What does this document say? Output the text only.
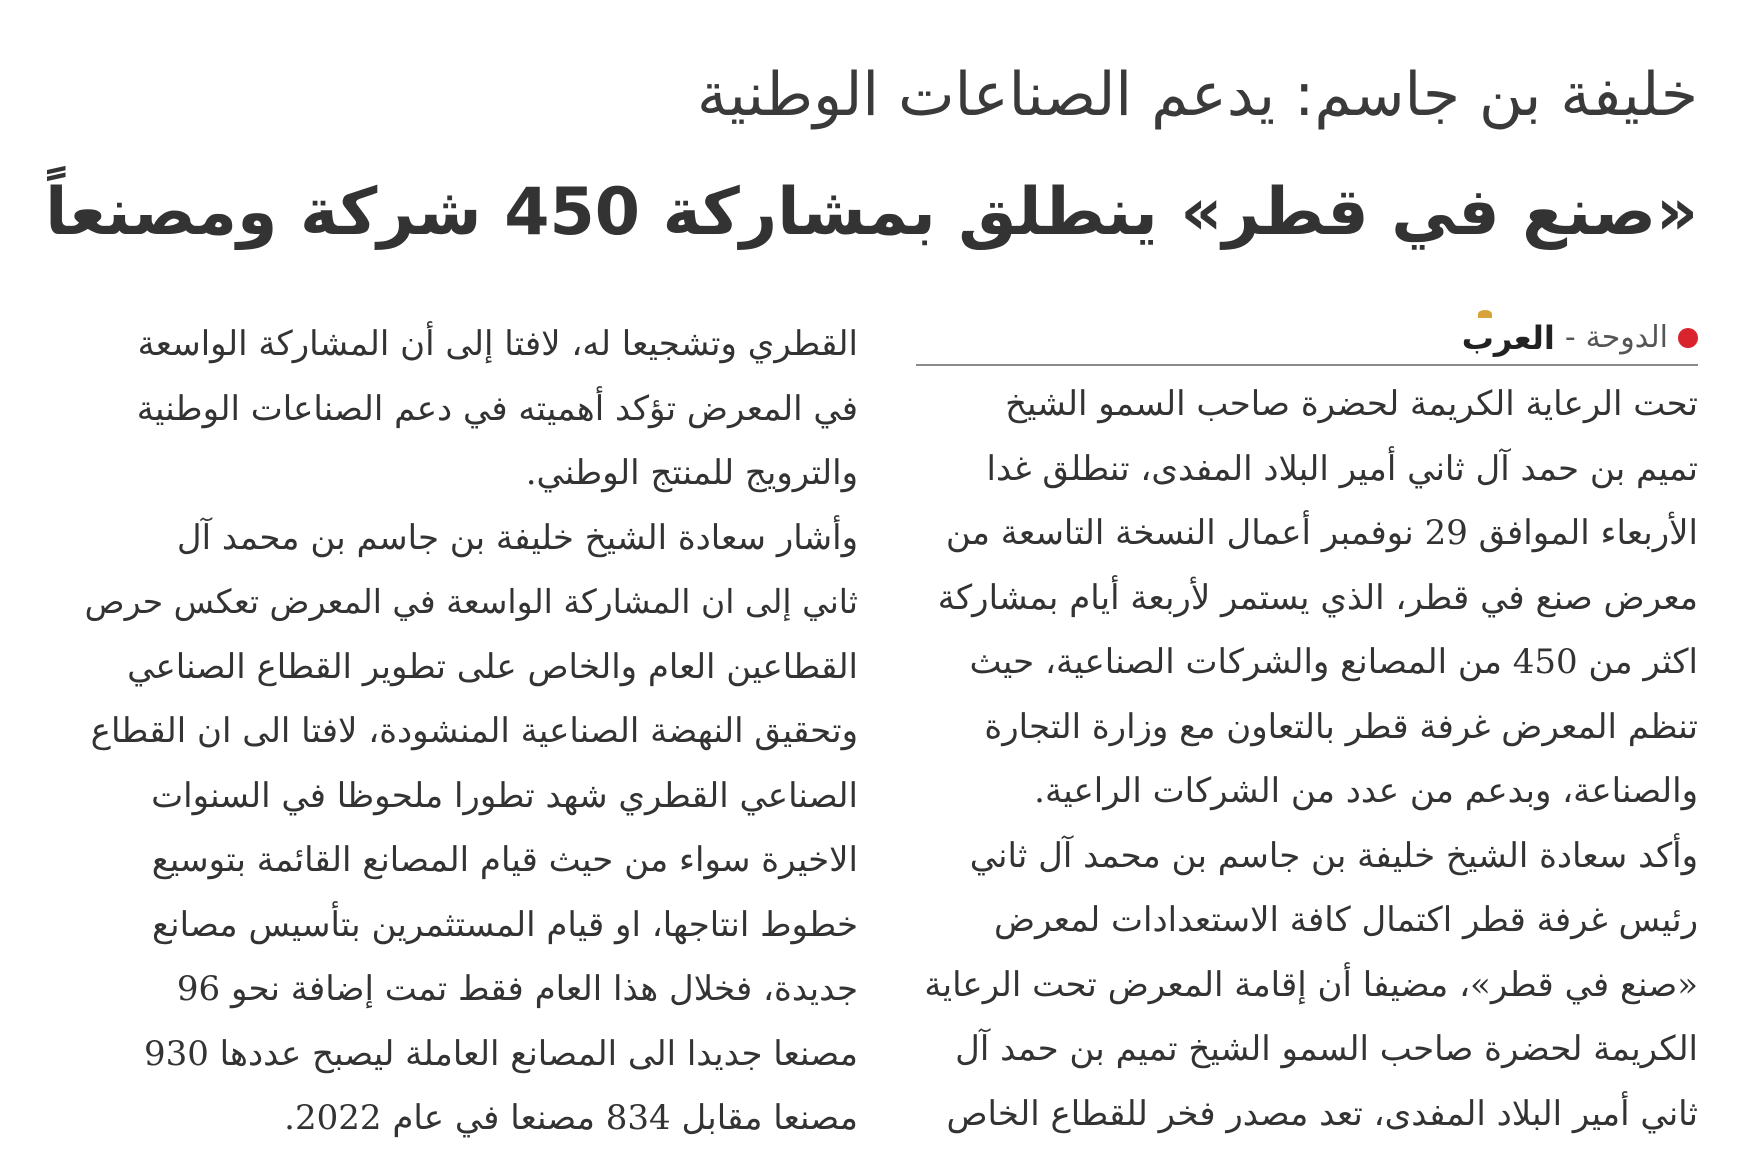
خليفة بن جاسم: يدعم الصناعات الوطنية
«صنع في قطر» ينطلق بمشاركة 450 شركة ومصنعاً
الدوحة
-
العرب
تحت الرعاية الكريمة لحضرة صاحب السمو الشيخ
تميم بن حمد آل ثاني أمير البلاد المفدى، تنطلق غدا
الأربعاء الموافق 29 نوفمبر أعمال النسخة التاسعة من
معرض صنع في قطر، الذي يستمر لأربعة أيام بمشاركة
اكثر من 450 من المصانع والشركات الصناعية، حيث
تنظم المعرض غرفة قطر بالتعاون مع وزارة التجارة
والصناعة، وبدعم من عدد من الشركات الراعية.
وأكد سعادة الشيخ خليفة بن جاسم بن محمد آل ثاني
رئيس غرفة قطر اكتمال كافة الاستعدادات لمعرض
«صنع في قطر»، مضيفا أن إقامة المعرض تحت الرعاية
الكريمة لحضرة صاحب السمو الشيخ تميم بن حمد آل
ثاني أمير البلاد المفدى، تعد مصدر فخر للقطاع الخاص
القطري وتشجيعا له، لافتا إلى أن المشاركة الواسعة
في المعرض تؤكد أهميته في دعم الصناعات الوطنية
والترويج للمنتج الوطني.
وأشار سعادة الشيخ خليفة بن جاسم بن محمد آل
ثاني إلى ان المشاركة الواسعة في المعرض تعكس حرص
القطاعين العام والخاص على تطوير القطاع الصناعي
وتحقيق النهضة الصناعية المنشودة، لافتا الى ان القطاع
الصناعي القطري شهد تطورا ملحوظا في السنوات
الاخيرة سواء من حيث قيام المصانع القائمة بتوسيع
خطوط انتاجها، او قيام المستثمرين بتأسيس مصانع
جديدة، فخلال هذا العام فقط تمت إضافة نحو 96
مصنعا جديدا الى المصانع العاملة ليصبح عددها 930
مصنعا مقابل 834 مصنعا في عام 2022.
